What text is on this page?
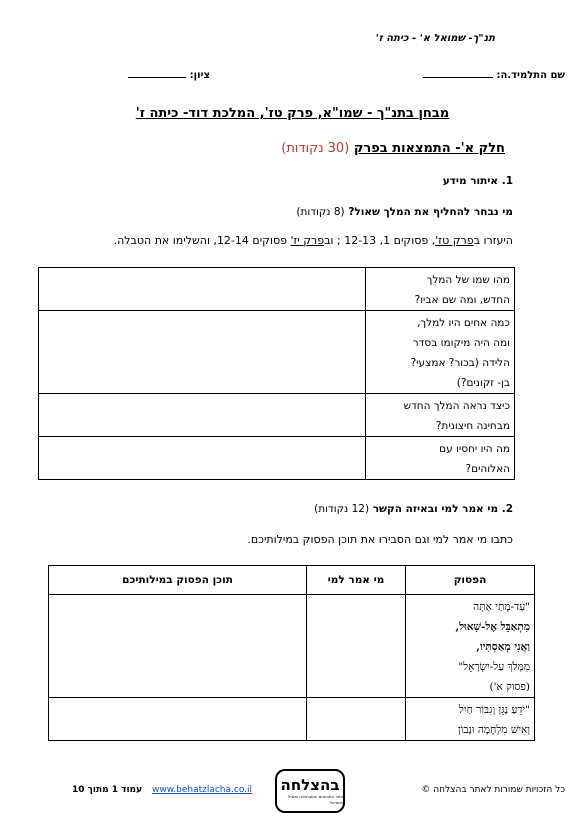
תנ"ך- שמואל א' - כיתה ז'
שם התלמיד.ה:
ציון:
מבחן בתנ"ך - שמו"א, פרק טז', המלכת דוד- כיתה ז'
חלק א'- התמצאות בפרק (30 נקודות)
1. איתור מידע
מי נבחר להחליף את המלך שאול? (8 נקודות)
היעזרו בפרק טז', פסוקים 1, 12-13 ; ובפרק יז' פסוקים 12-14, והשלימו את הטבלה.
מהו שמו של המלך
החדש, ומה שם אביו?	

כמה אחים היו למלך,
ומה היה מיקומו בסדר
הלידה (בכור? אמצעי?
בן- זקונים?)	

כיצד נראה המלך החדש
מבחינה חיצונית?	

מה היו יחסיו עם
האלוהים?	

2. מי אמר למי ובאיזה הקשר (12 נקודות)
כתבו מי אמר למי וגם הסבירו את תוכן הפסוק במילותיכם.
הפסוק	מי אמר למי	תוכן הפסוק במילותיכם

"עַד-מָתַי אַתָּה
מִתְאַבֵּל אֶל-שָׁאוּל,
וַאֲנִי מְאַסְתִּיו,
מִמְּלֹךְ עַל-יִשְׂרָאֵל"
(פסוק א')		

"יֹדֵעַ נַגֵּן וְגִבּוֹר חַיִל
וְאִישׁ מִלְחָמָה וּנְבוֹן		

כל הזכויות שמורות לאתר בהצלחה ©
בהצלחה
אתר המבחנים והמבחנים המוביל בישראל
www.behatzlacha.co.il
עמוד 1 מתוך 10
